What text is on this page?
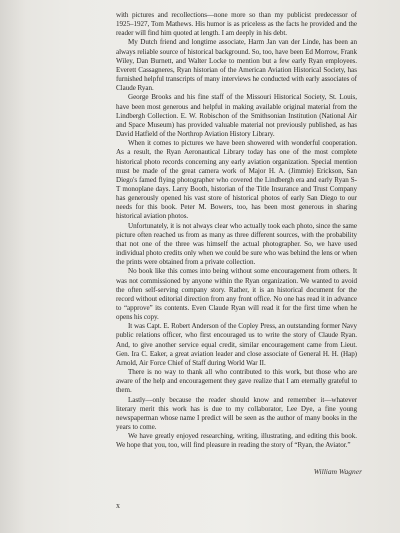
with pictures and recollections—none more so than my publicist predecessor of 1925–1927, Tom Mathews. His humor is as priceless as the facts he provided and the reader will find him quoted at length. I am deeply in his debt.

My Dutch friend and longtime associate, Harm Jan van der Linde, has been an always reliable source of historical background. So, too, have been Ed Morrow, Frank Wiley, Dan Burnett, and Walter Locke to mention but a few early Ryan employees. Everett Cassagneres, Ryan historian of the American Aviation Historical Society, has furnished helpful transcripts of many interviews he conducted with early associates of Claude Ryan.

George Brooks and his fine staff of the Missouri Historical Society, St. Louis, have been most generous and helpful in making available original material from the Lindbergh Collection. E. W. Robischon of the Smithsonian Institution (National Air and Space Museum) has provided valuable material not previously published, as has David Hatfield of the Northrop Aviation History Library.

When it comes to pictures we have been showered with wonderful cooperation. As a result, the Ryan Aeronautical Library today has one of the most complete historical photo records concerning any early aviation organization. Special mention must be made of the great camera work of Major H. A. (Jimmie) Erickson, San Diego's famed flying photographer who covered the Lindbergh era and early Ryan S-T monoplane days. Larry Booth, historian of the Title Insurance and Trust Company has generously opened his vast store of historical photos of early San Diego to our needs for this book. Peter M. Bowers, too, has been most generous in sharing historical aviation photos.

Unfortunately, it is not always clear who actually took each photo, since the same picture often reached us from as many as three different sources, with the probability that not one of the three was himself the actual photographer. So, we have used individual photo credits only when we could be sure who was behind the lens or when the prints were obtained from a private collection.

No book like this comes into being without some encouragement from others. It was not commissioned by anyone within the Ryan organization. We wanted to avoid the often self-serving company story. Rather, it is an historical document for the record without editorial direction from any front office. No one has read it in advance to “approve” its contents. Even Claude Ryan will read it for the first time when he opens his copy.

It was Capt. E. Robert Anderson of the Copley Press, an outstanding former Navy public relations officer, who first encouraged us to write the story of Claude Ryan. And, to give another service equal credit, similar encouragement came from Lieut. Gen. Ira C. Eaker, a great aviation leader and close associate of General H. H. (Hap) Arnold, Air Force Chief of Staff during World War II.

There is no way to thank all who contributed to this work, but those who are aware of the help and encouragement they gave realize that I am eternally grateful to them.

Lastly—only because the reader should know and remember it—whatever literary merit this work has is due to my collaborator, Lee Dye, a fine young newspaperman whose name I predict will be seen as the author of many books in the years to come.

We have greatly enjoyed researching, writing, illustrating, and editing this book. We hope that you, too, will find pleasure in reading the story of “Ryan, the Aviator.”

William Wagner
x
